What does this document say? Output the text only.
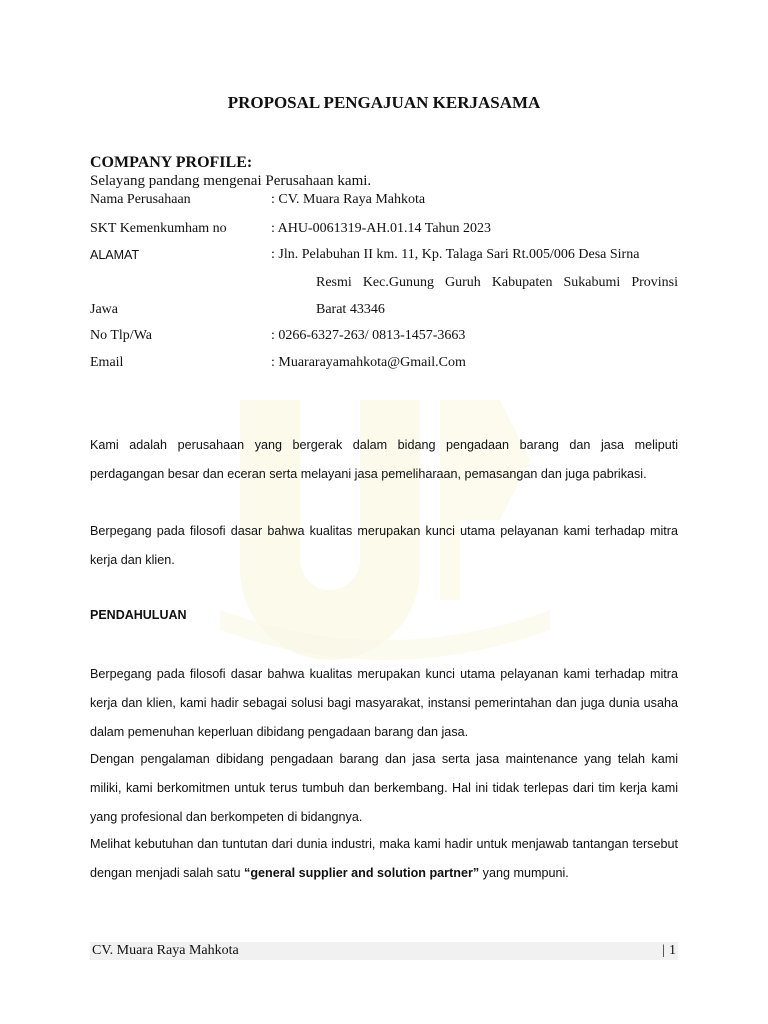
PROPOSAL PENGAJUAN KERJASAMA
COMPANY PROFILE:
Selayang pandang mengenai Perusahaan kami.
Nama Perusahaan	: CV. Muara Raya Mahkota
SKT Kemenkumham no	: AHU-0061319-AH.01.14 Tahun 2023
ALAMAT	: Jln. Pelabuhan II km. 11, Kp. Talaga Sari Rt.005/006 Desa Sirna
Resmi Kec.Gunung Guruh Kabupaten Sukabumi Provinsi
Jawa	Barat 43346
No Tlp/Wa	: 0266-6327-263/ 0813-1457-3663
Email	: Muararayamahkota@Gmail.Com

Kami adalah perusahaan yang bergerak dalam bidang pengadaan barang dan jasa meliputi perdagangan besar dan eceran serta melayani jasa pemeliharaan, pemasangan dan juga pabrikasi.

Berpegang pada filosofi dasar bahwa kualitas merupakan kunci utama pelayanan kami terhadap mitra kerja dan klien.

PENDAHULUAN

Berpegang pada filosofi dasar bahwa kualitas merupakan kunci utama pelayanan kami terhadap mitra kerja dan klien, kami hadir sebagai solusi bagi masyarakat, instansi pemerintahan dan juga dunia usaha dalam pemenuhan keperluan dibidang pengadaan barang dan jasa.

Dengan pengalaman dibidang pengadaan barang dan jasa serta jasa maintenance yang telah kami miliki, kami berkomitmen untuk terus tumbuh dan berkembang. Hal ini tidak terlepas dari tim kerja kami yang profesional dan berkompeten di bidangnya.

Melihat kebutuhan dan tuntutan dari dunia industri, maka kami hadir untuk menjawab tantangan tersebut dengan menjadi salah satu “general supplier and solution partner” yang mumpuni.

CV. Muara Raya Mahkota	| 1
